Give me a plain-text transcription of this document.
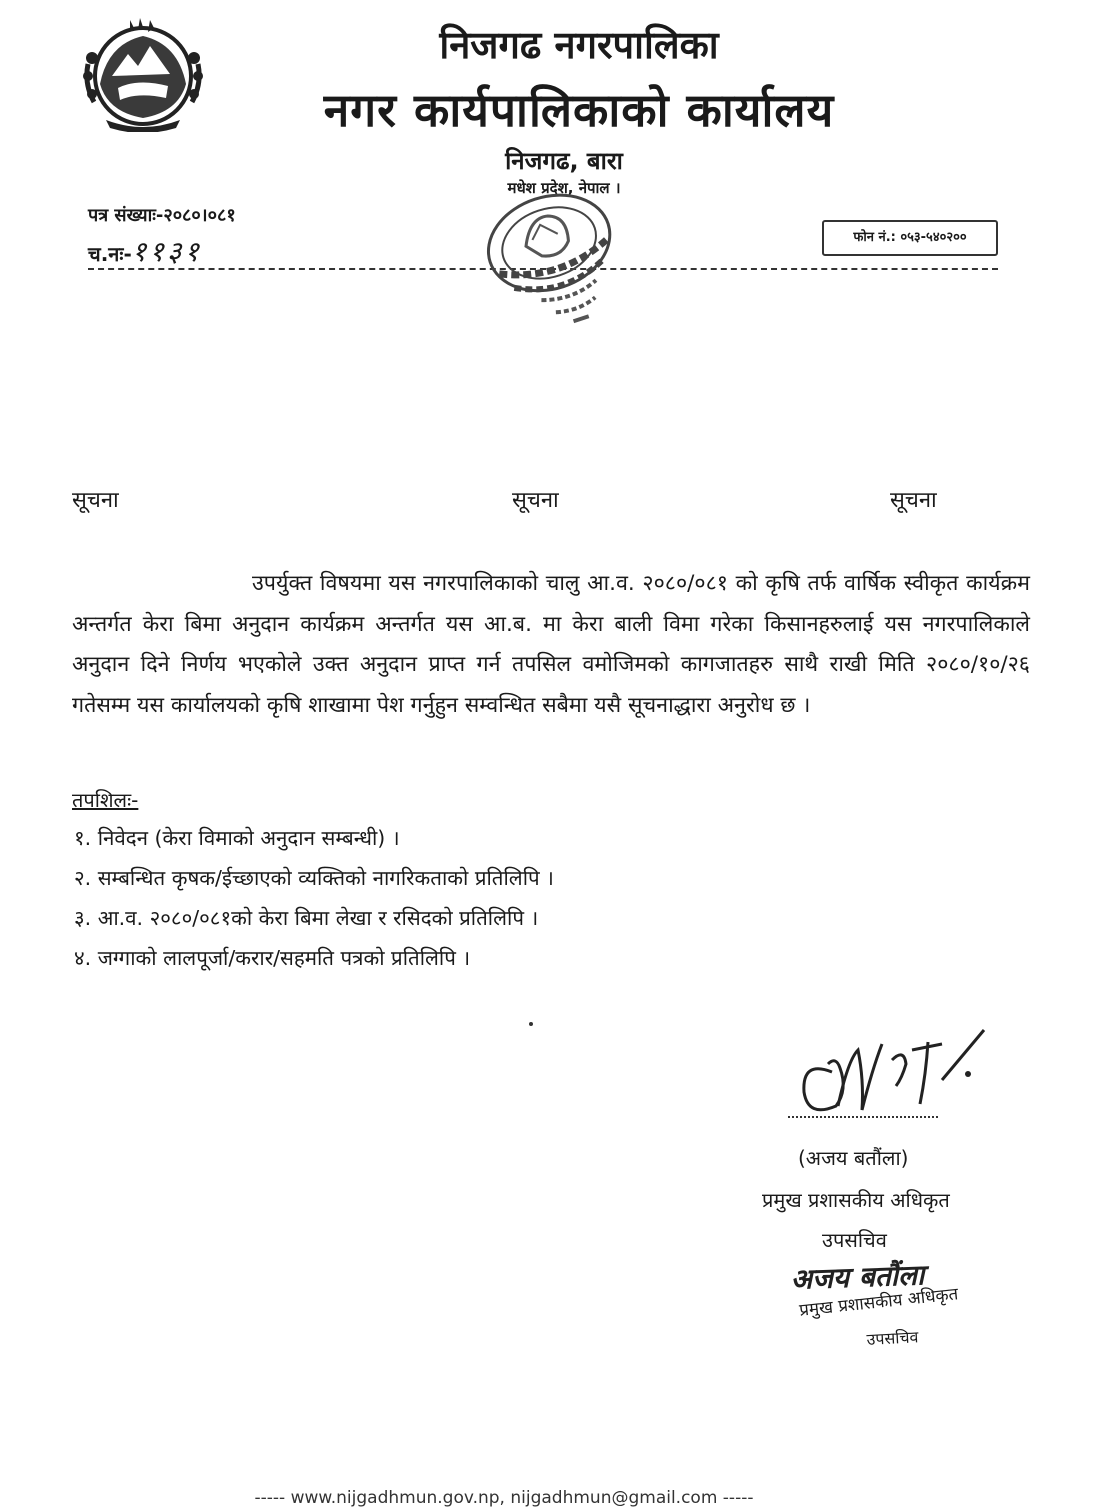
निजगढ नगरपालिका
नगर कार्यपालिकाको कार्यालय
निजगढ, बारा
मधेश प्रदेश, नेपाल ।
पत्र संख्याः-२०८०।०८१
च.नः-११३१	फोन नं.: ०५३-५४०२००
सूचना	सूचना	सूचना
उपर्युक्त विषयमा यस नगरपालिकाको चालु आ.व. २०८०/०८१ को कृषि तर्फ वार्षिक स्वीकृत कार्यक्रम अन्तर्गत केरा बिमा अनुदान कार्यक्रम अन्तर्गत यस आ.ब. मा केरा बाली विमा गरेका किसानहरुलाई यस नगरपालिकाले अनुदान दिने निर्णय भएकोले उक्त अनुदान प्राप्त गर्न तपसिल वमोजिमको कागजातहरु साथै राखी मिति २०८०/१०/२६ गतेसम्म यस कार्यालयको कृषि शाखामा पेश गर्नुहुन सम्वन्धित सबैमा यसै सूचनाद्धारा अनुरोध छ ।
तपशिलः-
१. निवेदन (केरा विमाको अनुदान सम्बन्धी) ।
२. सम्बन्धित कृषक/ईच्छाएको व्यक्तिको नागरिकताको प्रतिलिपि ।
३. आ.व. २०८०/०८१को केरा बिमा लेखा र रसिदको प्रतिलिपि ।
४. जग्गाको लालपूर्जा/करार/सहमति पत्रको प्रतिलिपि ।
(अजय बतौंला)
प्रमुख प्रशासकीय अधिकृत
उपसचिव
अजय बतौंला
प्रमुख प्रशासकीय अधिकृत
उपसचिव
----- www.nijgadhmun.gov.np, nijgadhmun@gmail.com -----
